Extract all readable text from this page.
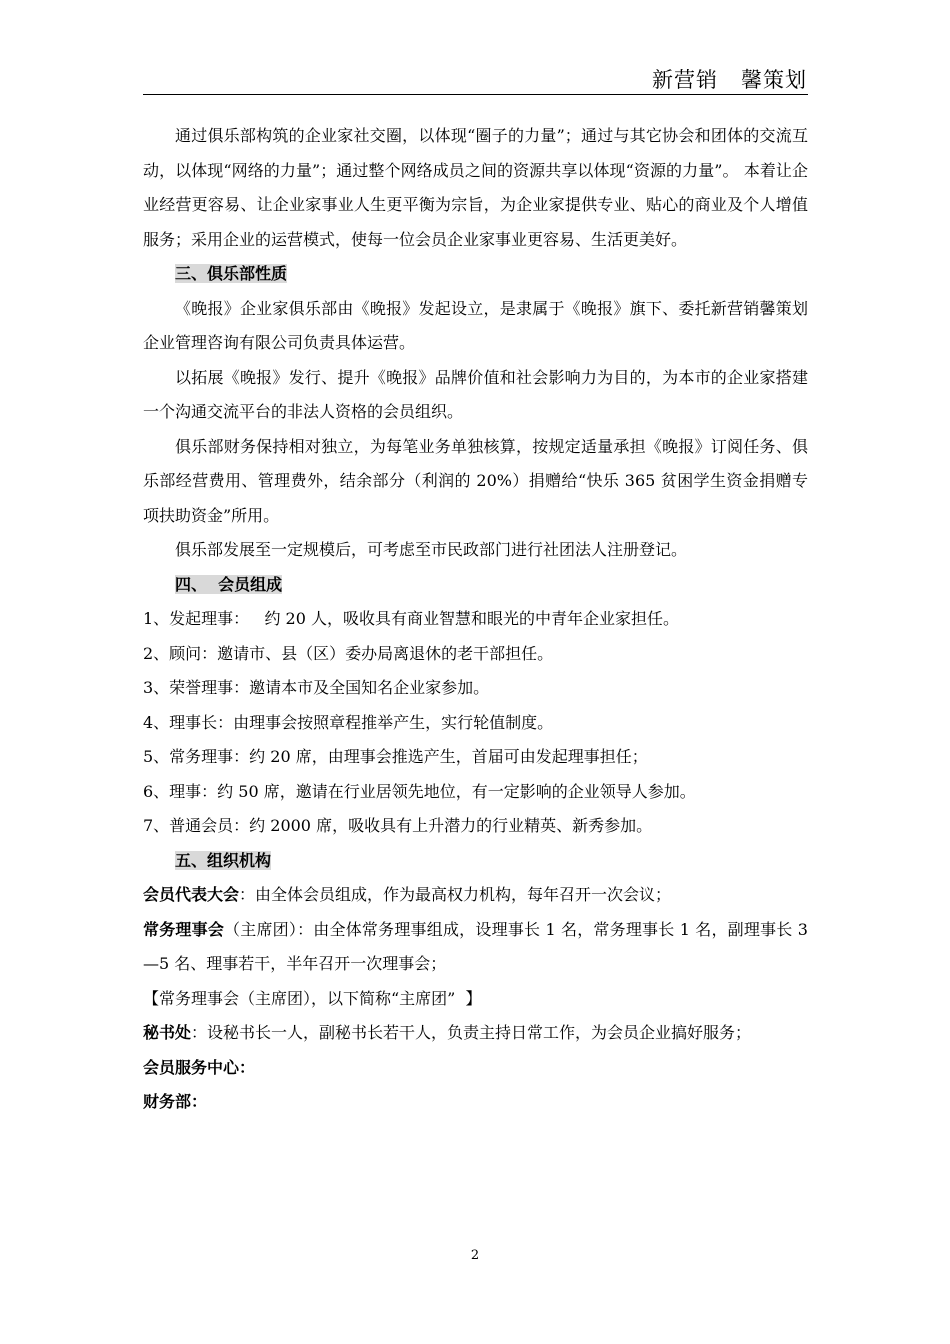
新营销   馨策划

通过俱乐部构筑的企业家社交圈，以体现“圈子的力量”；通过与其它协会和团体的交流互动，以体现“网络的力量”；通过整个网络成员之间的资源共享以体现“资源的力量”。 本着让企业经营更容易、让企业家事业人生更平衡为宗旨，为企业家提供专业、贴心的商业及个人增值服务；采用企业的运营模式，使每一位会员企业家事业更容易、生活更美好。

三、俱乐部性质

《晚报》企业家俱乐部由《晚报》发起设立，是隶属于《晚报》旗下、委托新营销馨策划企业管理咨询有限公司负责具体运营。

以拓展《晚报》发行、提升《晚报》品牌价值和社会影响力为目的，为本市的企业家搭建一个沟通交流平台的非法人资格的会员组织。

俱乐部财务保持相对独立，为每笔业务单独核算，按规定适量承担《晚报》订阅任务、俱乐部经营费用、管理费外，结余部分（利润的 20%）捐赠给“快乐 365 贫困学生资金捐赠专项扶助资金”所用。

俱乐部发展至一定规模后，可考虑至市民政部门进行社团法人注册登记。

四、  会员组成

1、发起理事：   约 20 人，吸收具有商业智慧和眼光的中青年企业家担任。

2、顾问：邀请市、县（区）委办局离退休的老干部担任。

3、荣誉理事：邀请本市及全国知名企业家参加。

4、理事长：由理事会按照章程推举产生，实行轮值制度。

5、常务理事：约 20 席，由理事会推选产生，首届可由发起理事担任；

6、理事：约 50 席，邀请在行业居领先地位，有一定影响的企业领导人参加。

7、普通会员：约 2000 席，吸收具有上升潜力的行业精英、新秀参加。

五、组织机构

会员代表大会：由全体会员组成，作为最高权力机构，每年召开一次会议；

常务理事会（主席团）：由全体常务理事组成，设理事长 1 名，常务理事长 1 名，副理事长 3—5 名、理事若干，半年召开一次理事会；

【常务理事会（主席团），以下简称“主席团”  】

秘书处：设秘书长一人，副秘书长若干人，负责主持日常工作，为会员企业搞好服务；

会员服务中心：

财务部：

2
